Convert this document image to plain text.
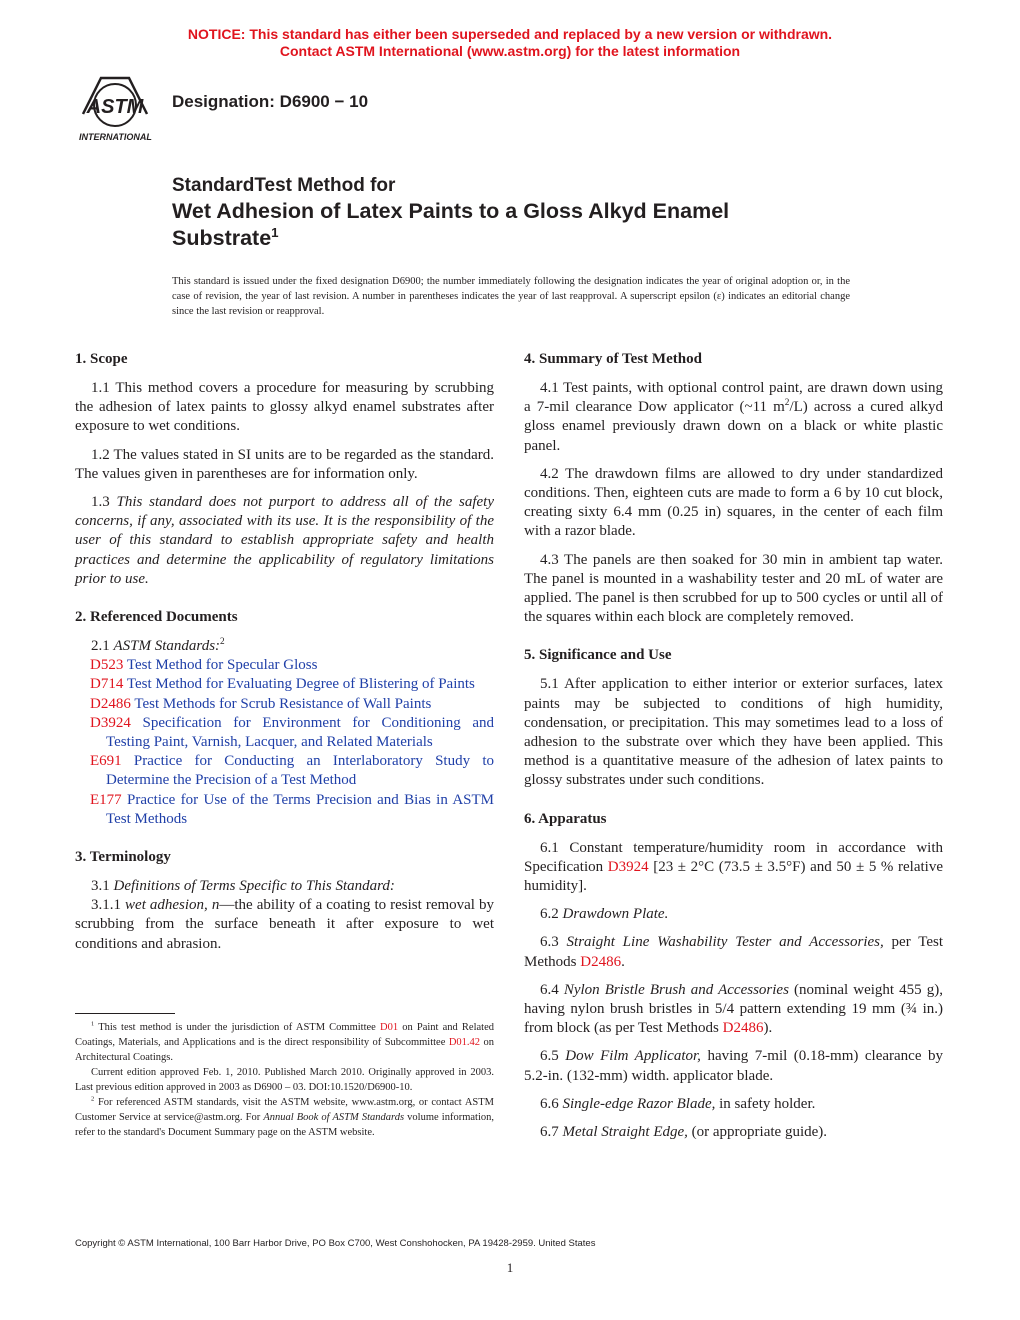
NOTICE: This standard has either been superseded and replaced by a new version or withdrawn.
Contact ASTM International (www.astm.org) for the latest information
ASTM
INTERNATIONAL
Designation: D6900 − 10
StandardTest Method for
Wet Adhesion of Latex Paints to a Gloss Alkyd Enamel
Substrate$^1$
This standard is issued under the fixed designation D6900; the number immediately following the designation indicates the year of original adoption or, in the case of revision, the year of last revision. A number in parentheses indicates the year of last reapproval. A superscript epsilon (ε) indicates an editorial change since the last revision or reapproval.
1. Scope

1.1 This method covers a procedure for measuring by scrubbing the adhesion of latex paints to glossy alkyd enamel substrates after exposure to wet conditions.

1.2 The values stated in SI units are to be regarded as the standard. The values given in parentheses are for information only.

1.3 This standard does not purport to address all of the safety concerns, if any, associated with its use. It is the responsibility of the user of this standard to establish appropriate safety and health practices and determine the applicability of regulatory limitations prior to use.

2. Referenced Documents

2.1 ASTM Standards:$^2$

D523 Test Method for Specular Gloss
D714 Test Method for Evaluating Degree of Blistering of Paints
D2486 Test Methods for Scrub Resistance of Wall Paints
D3924 Specification for Environment for Conditioning and Testing Paint, Varnish, Lacquer, and Related Materials
E691 Practice for Conducting an Interlaboratory Study to Determine the Precision of a Test Method
E177 Practice for Use of the Terms Precision and Bias in ASTM Test Methods
3. Terminology

3.1 Definitions of Terms Specific to This Standard:

3.1.1 wet adhesion, n—the ability of a coating to resist removal by scrubbing from the surface beneath it after exposure to wet conditions and abrasion.

4. Summary of Test Method

4.1 Test paints, with optional control paint, are drawn down using a 7-mil clearance Dow applicator (~11 $m^2/L$) across a cured alkyd gloss enamel previously drawn down on a black or white plastic panel.

4.2 The drawdown films are allowed to dry under standardized conditions. Then, eighteen cuts are made to form a 6 by 10 cut block, creating sixty 6.4 mm (0.25 in) squares, in the center of each film with a razor blade.

4.3 The panels are then soaked for 30 min in ambient tap water. The panel is mounted in a washability tester and 20 mL of water are applied. The panel is then scrubbed for up to 500 cycles or until all of the squares within each block are completely removed.

5. Significance and Use

5.1 After application to either interior or exterior surfaces, latex paints may be subjected to conditions of high humidity, condensation, or precipitation. This may sometimes lead to a loss of adhesion to the substrate over which they have been applied. This method is a quantitative measure of the adhesion of latex paints to glossy substrates under such conditions.

6. Apparatus

6.1 Constant temperature/humidity room in accordance with Specification D3924 [23 ± 2°C (73.5 ± 3.5°F) and 50 ± 5 % relative humidity].

6.2 Drawdown Plate.

6.3 Straight Line Washability Tester and Accessories, per Test Methods D2486.

6.4 Nylon Bristle Brush and Accessories (nominal weight 455 g), having nylon brush bristles in 5/4 pattern extending 19 mm (¾ in.) from block (as per Test Methods D2486).

6.5 Dow Film Applicator, having 7-mil (0.18-mm) clearance by 5.2-in. (132-mm) width. applicator blade.

6.6 Single-edge Razor Blade, in safety holder.

6.7 Metal Straight Edge, (or appropriate guide).

$^1$ This test method is under the jurisdiction of ASTM Committee D01 on Paint and Related Coatings, Materials, and Applications and is the direct responsibility of Subcommittee D01.42 on Architectural Coatings.

Current edition approved Feb. 1, 2010. Published March 2010. Originally approved in 2003. Last previous edition approved in 2003 as D6900 – 03. DOI:10.1520/D6900-10.

$^2$ For referenced ASTM standards, visit the ASTM website, www.astm.org, or contact ASTM Customer Service at service@astm.org. For Annual Book of ASTM Standards volume information, refer to the standard's Document Summary page on the ASTM website.

Copyright © ASTM International, 100 Barr Harbor Drive, PO Box C700, West Conshohocken, PA 19428-2959. United States
1
